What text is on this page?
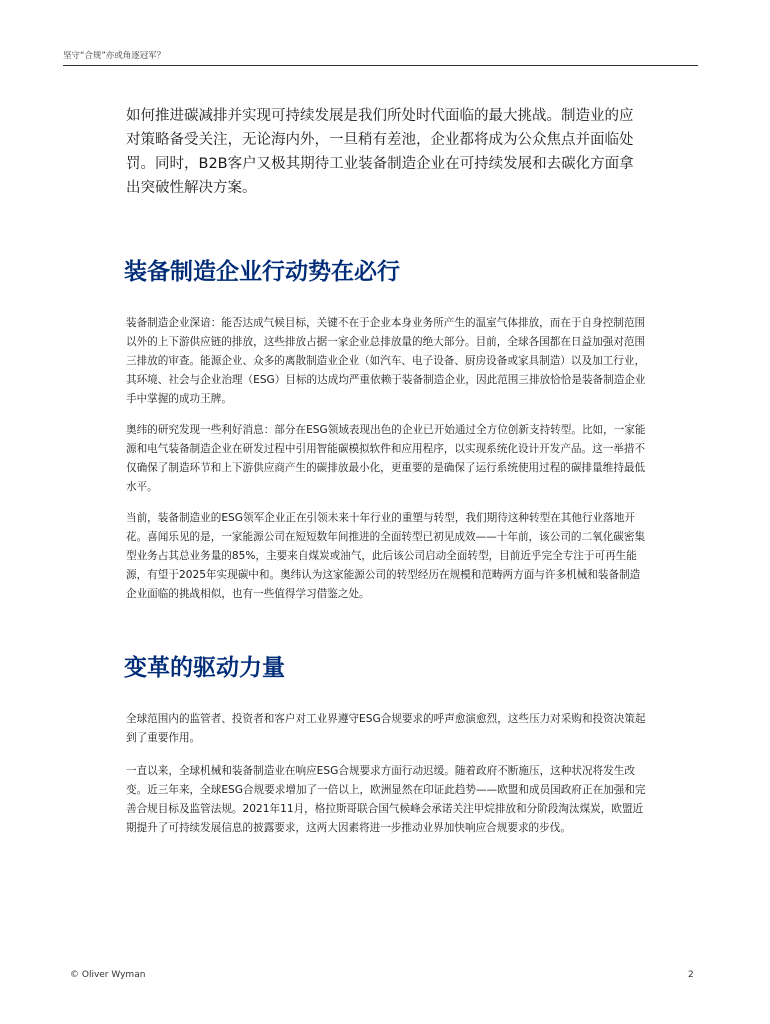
坚守“合规”亦或角逐冠军？

如何推进碳减排并实现可持续发展是我们所处时代面临的最大挑战。制造业的应对策略备受关注，无论海内外，一旦稍有差池，企业都将成为公众焦点并面临处罚。同时，B2B客户又极其期待工业装备制造企业在可持续发展和去碳化方面拿出突破性解决方案。

装备制造企业行动势在必行

装备制造企业深谙：能否达成气候目标，关键不在于企业本身业务所产生的温室气体排放，而在于自身控制范围以外的上下游供应链的排放，这些排放占据一家企业总排放量的绝大部分。目前，全球各国都在日益加强对范围三排放的审查。能源企业、众多的离散制造业企业（如汽车、电子设备、厨房设备或家具制造）以及加工行业，其环境、社会与企业治理（ESG）目标的达成均严重依赖于装备制造企业，因此范围三排放恰恰是装备制造企业手中掌握的成功王牌。

奥纬的研究发现一些利好消息：部分在ESG领域表现出色的企业已开始通过全方位创新支持转型。比如，一家能源和电气装备制造企业在研发过程中引用智能碳模拟软件和应用程序，以实现系统化设计开发产品。这一举措不仅确保了制造环节和上下游供应商产生的碳排放最小化，更重要的是确保了运行系统使用过程的碳排量维持最低水平。

当前，装备制造业的ESG领军企业正在引领未来十年行业的重塑与转型，我们期待这种转型在其他行业落地开花。喜闻乐见的是，一家能源公司在短短数年间推进的全面转型已初见成效——十年前，该公司的二氧化碳密集型业务占其总业务量的85%，主要来自煤炭或油气，此后该公司启动全面转型，目前近乎完全专注于可再生能源，有望于2025年实现碳中和。奥纬认为这家能源公司的转型经历在规模和范畴两方面与许多机械和装备制造企业面临的挑战相似，也有一些值得学习借鉴之处。

变革的驱动力量

全球范围内的监管者、投资者和客户对工业界遵守ESG合规要求的呼声愈演愈烈，这些压力对采购和投资决策起到了重要作用。

一直以来，全球机械和装备制造业在响应ESG合规要求方面行动迟缓。随着政府不断施压，这种状况将发生改变。近三年来，全球ESG合规要求增加了一倍以上，欧洲显然在印证此趋势——欧盟和成员国政府正在加强和完善合规目标及监管法规。2021年11月，格拉斯哥联合国气候峰会承诺关注甲烷排放和分阶段淘汰煤炭，欧盟近期提升了可持续发展信息的披露要求，这两大因素将进一步推动业界加快响应合规要求的步伐。

© Oliver Wyman	2
